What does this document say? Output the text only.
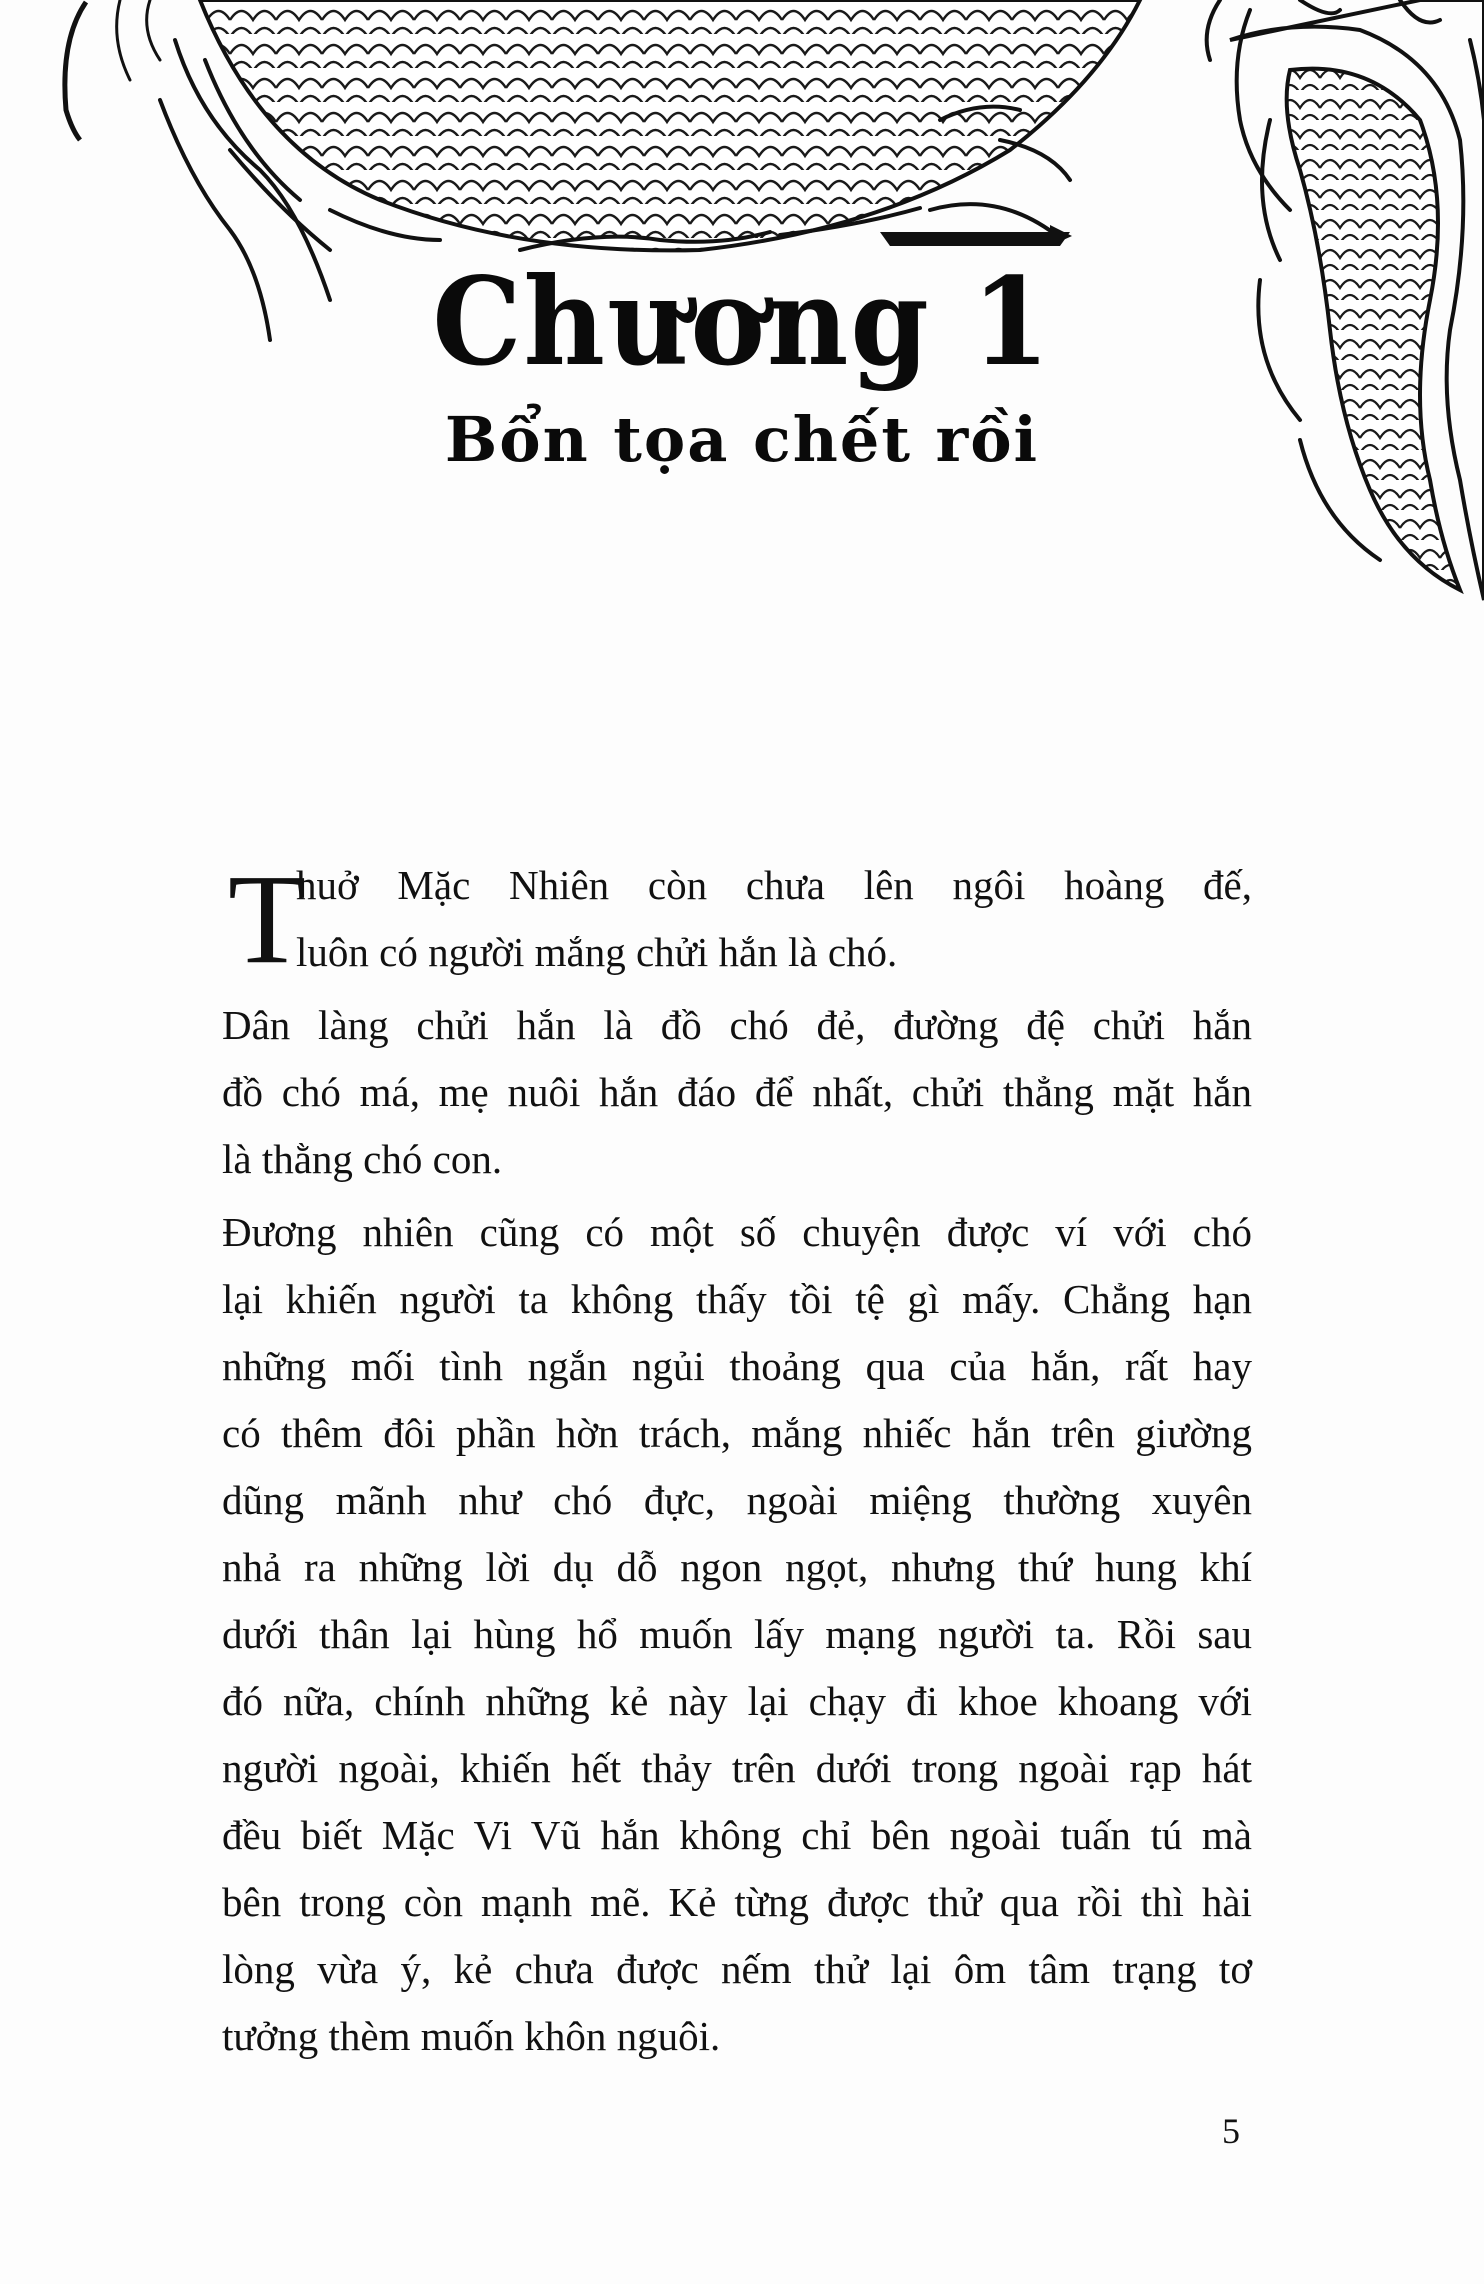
Chương 1
Bổn tọa chết rồi
T
huở Mặc Nhiên còn chưa lên ngôi hoàng đế,
luôn có người mắng chửi hắn là chó.
Dân làng chửi hắn là đồ chó đẻ, đường đệ chửi hắn
đồ chó má, mẹ nuôi hắn đáo để nhất, chửi thẳng mặt hắn
là thằng chó con.
Đương nhiên cũng có một số chuyện được ví với chó
lại khiến người ta không thấy tồi tệ gì mấy. Chẳng hạn
những mối tình ngắn ngủi thoảng qua của hắn, rất hay
có thêm đôi phần hờn trách, mắng nhiếc hắn trên giường
dũng mãnh như chó đực, ngoài miệng thường xuyên
nhả ra những lời dụ dỗ ngon ngọt, nhưng thứ hung khí
dưới thân lại hùng hổ muốn lấy mạng người ta. Rồi sau
đó nữa, chính những kẻ này lại chạy đi khoe khoang với
người ngoài, khiến hết thảy trên dưới trong ngoài rạp hát
đều biết Mặc Vi Vũ hắn không chỉ bên ngoài tuấn tú mà
bên trong còn mạnh mẽ. Kẻ từng được thử qua rồi thì hài
lòng vừa ý, kẻ chưa được nếm thử lại ôm tâm trạng tơ
tưởng thèm muốn khôn nguôi.
5
